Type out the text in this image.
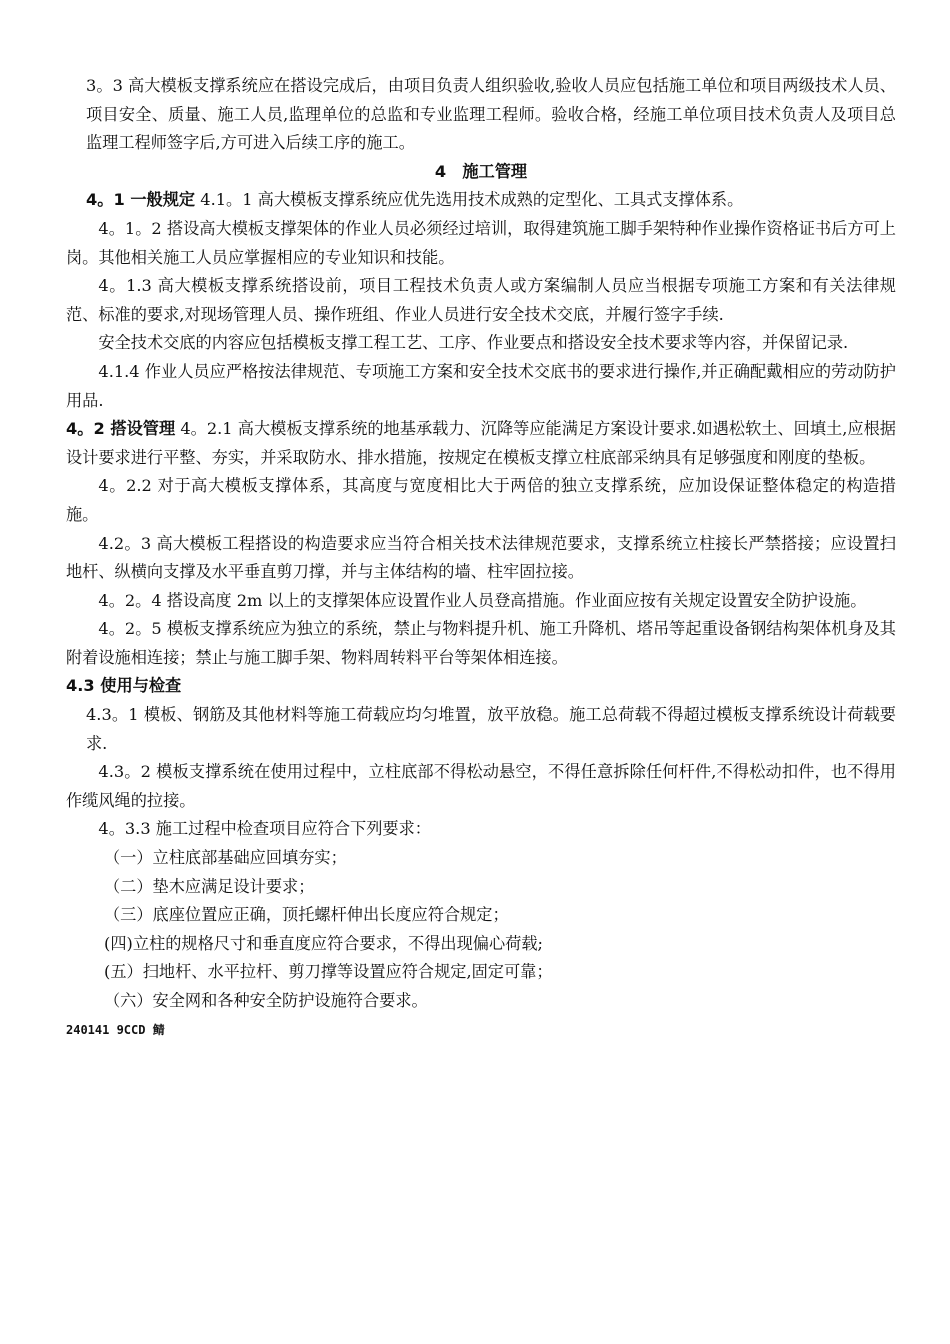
3。3 高大模板支撑系统应在搭设完成后，由项目负责人组织验收,验收人员应包括施工单位和项目两级技术人员、项目安全、质量、施工人员,监理单位的总监和专业监理工程师。验收合格，经施工单位项目技术负责人及项目总监理工程师签字后,方可进入后续工序的施工。

4　施工管理

4。1 一般规定 4.1。1 高大模板支撑系统应优先选用技术成熟的定型化、工具式支撑体系。

4。1。2 搭设高大模板支撑架体的作业人员必须经过培训，取得建筑施工脚手架特种作业操作资格证书后方可上岗。其他相关施工人员应掌握相应的专业知识和技能。

4。1.3 高大模板支撑系统搭设前，项目工程技术负责人或方案编制人员应当根据专项施工方案和有关法律规范、标准的要求,对现场管理人员、操作班组、作业人员进行安全技术交底，并履行签字手续.

安全技术交底的内容应包括模板支撑工程工艺、工序、作业要点和搭设安全技术要求等内容，并保留记录.

4.1.4 作业人员应严格按法律规范、专项施工方案和安全技术交底书的要求进行操作,并正确配戴相应的劳动防护用品.

4。2 搭设管理 4。2.1 高大模板支撑系统的地基承载力、沉降等应能满足方案设计要求.如遇松软土、回填土,应根据设计要求进行平整、夯实，并采取防水、排水措施，按规定在模板支撑立柱底部采纳具有足够强度和刚度的垫板。

4。2.2 对于高大模板支撑体系，其高度与宽度相比大于两倍的独立支撑系统，应加设保证整体稳定的构造措施。

4.2。3 高大模板工程搭设的构造要求应当符合相关技术法律规范要求，支撑系统立柱接长严禁搭接；应设置扫地杆、纵横向支撑及水平垂直剪刀撑，并与主体结构的墙、柱牢固拉接。

4。2。4 搭设高度 2m 以上的支撑架体应设置作业人员登高措施。作业面应按有关规定设置安全防护设施。

4。2。5 模板支撑系统应为独立的系统，禁止与物料提升机、施工升降机、塔吊等起重设备钢结构架体机身及其附着设施相连接；禁止与施工脚手架、物料周转料平台等架体相连接。

4.3 使用与检查

4.3。1 模板、钢筋及其他材料等施工荷载应均匀堆置，放平放稳。施工总荷载不得超过模板支撑系统设计荷载要求.

4.3。2 模板支撑系统在使用过程中，立柱底部不得松动悬空，不得任意拆除任何杆件,不得松动扣件，也不得用作缆风绳的拉接。

4。3.3 施工过程中检查项目应符合下列要求：

（一）立柱底部基础应回填夯实；

（二）垫木应满足设计要求；

（三）底座位置应正确，顶托螺杆伸出长度应符合规定；

(四)立柱的规格尺寸和垂直度应符合要求，不得出现偏心荷载;

(五）扫地杆、水平拉杆、剪刀撑等设置应符合规定,固定可靠；

（六）安全网和各种安全防护设施符合要求。

240141 9CCD 鲭
